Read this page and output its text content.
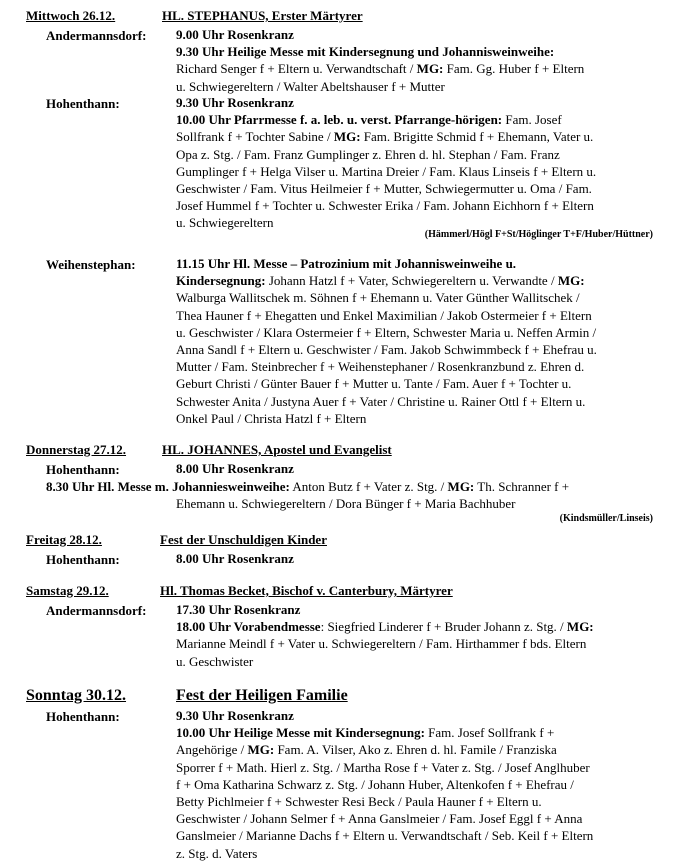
Mittwoch 26.12.	HL. STEPHANUS, Erster Märtyrer
Andermannsdorf: 9.00 Uhr Rosenkranz
9.30 Uhr Heilige Messe mit Kindersegnung und Johannisweinweihe:
Richard Senger f + Eltern u. Verwandtschaft / MG: Fam. Gg. Huber f + Eltern
u. Schwiegereltern / Walter Abeltshauser f + Mutter
Hohenthann:	9.30 Uhr Rosenkranz
10.00 Uhr Pfarrmesse f. a. leb. u. verst. Pfarrange-hörigen: Fam. Josef
Sollfrank f + Tochter Sabine / MG: Fam. Brigitte Schmid f + Ehemann, Vater u.
Opa z. Stg. / Fam. Franz Gumplinger z. Ehren d. hl. Stephan / Fam. Franz
Gumplinger f + Helga Vilser u. Martina Dreier / Fam. Klaus Linseis f + Eltern u.
Geschwister / Fam. Vitus Heilmeier f + Mutter, Schwiegermutter u. Oma / Fam.
Josef Hummel f + Tochter u. Schwester Erika / Fam. Johann Eichhorn f + Eltern
u. Schwiegereltern
(Hämmerl/Högl F+St/Höglinger T+F/Huber/Hüttner)
Weihenstephan:	11.15 Uhr Hl. Messe – Patrozinium mit Johannisweinweihe u.
Kindersegnung: Johann Hatzl f + Vater, Schwiegereltern u. Verwandte / MG:
Walburga Wallitschek m. Söhnen f + Ehemann u. Vater Günther Wallitschek /
Thea Hauner f + Ehegatten und Enkel Maximilian / Jakob Ostermeier f + Eltern
u. Geschwister / Klara Ostermeier f + Eltern, Schwester Maria u. Neffen Armin /
Anna Sandl f + Eltern u. Geschwister / Fam. Jakob Schwimmbeck f + Ehefrau u.
Mutter / Fam. Steinbrecher f + Weihenstephaner / Rosenkranzbund z. Ehren d.
Geburt Christi / Günter Bauer f + Mutter u. Tante / Fam. Auer f + Tochter u.
Schwester Anita / Justyna Auer f + Vater / Christine u. Rainer Ottl f + Eltern u.
Onkel Paul / Christa Hatzl f + Eltern
Donnerstag 27.12.	HL. JOHANNES, Apostel und Evangelist
Hohenthann:	8.00 Uhr Rosenkranz
8.30 Uhr Hl. Messe m. Johanniesweinweihe: Anton Butz f + Vater z. Stg. / MG: Th. Schranner f +
Ehemann u. Schwiegereltern / Dora Bünger f + Maria Bachhuber
(Kindsmüller/Linseis)
Freitag 28.12.	Fest der Unschuldigen Kinder
Hohenthann:	8.00 Uhr Rosenkranz
Samstag 29.12.	Hl. Thomas Becket, Bischof v. Canterbury, Märtyrer
Andermannsdorf: 17.30 Uhr Rosenkranz
18.00 Uhr Vorabendmesse: Siegfried Linderer f + Bruder Johann z. Stg. / MG:
Marianne Meindl f + Vater u. Schwiegereltern / Fam. Hirthammer f bds. Eltern
u. Geschwister
Sonntag 30.12.	Fest der Heiligen Familie
Hohenthann:	9.30 Uhr Rosenkranz
10.00 Uhr Heilige Messe mit Kindersegnung: Fam. Josef Sollfrank f +
Angehörige / MG: Fam. A. Vilser, Ako z. Ehren d. hl. Famile / Franziska
Sporrer f + Math. Hierl z. Stg. / Martha Rose f + Vater z. Stg. / Josef Anglhuber
f + Oma Katharina Schwarz z. Stg. / Johann Huber, Altenkofen f + Ehefrau /
Betty Pichlmeier f + Schwester Resi Beck / Paula Hauner f + Eltern u.
Geschwister / Johann Selmer f + Anna Ganslmeier / Fam. Josef Eggl f + Anna
Ganslmeier / Marianne Dachs f + Eltern u. Verwandtschaft / Seb. Keil f + Eltern
z. Stg. d. Vaters
